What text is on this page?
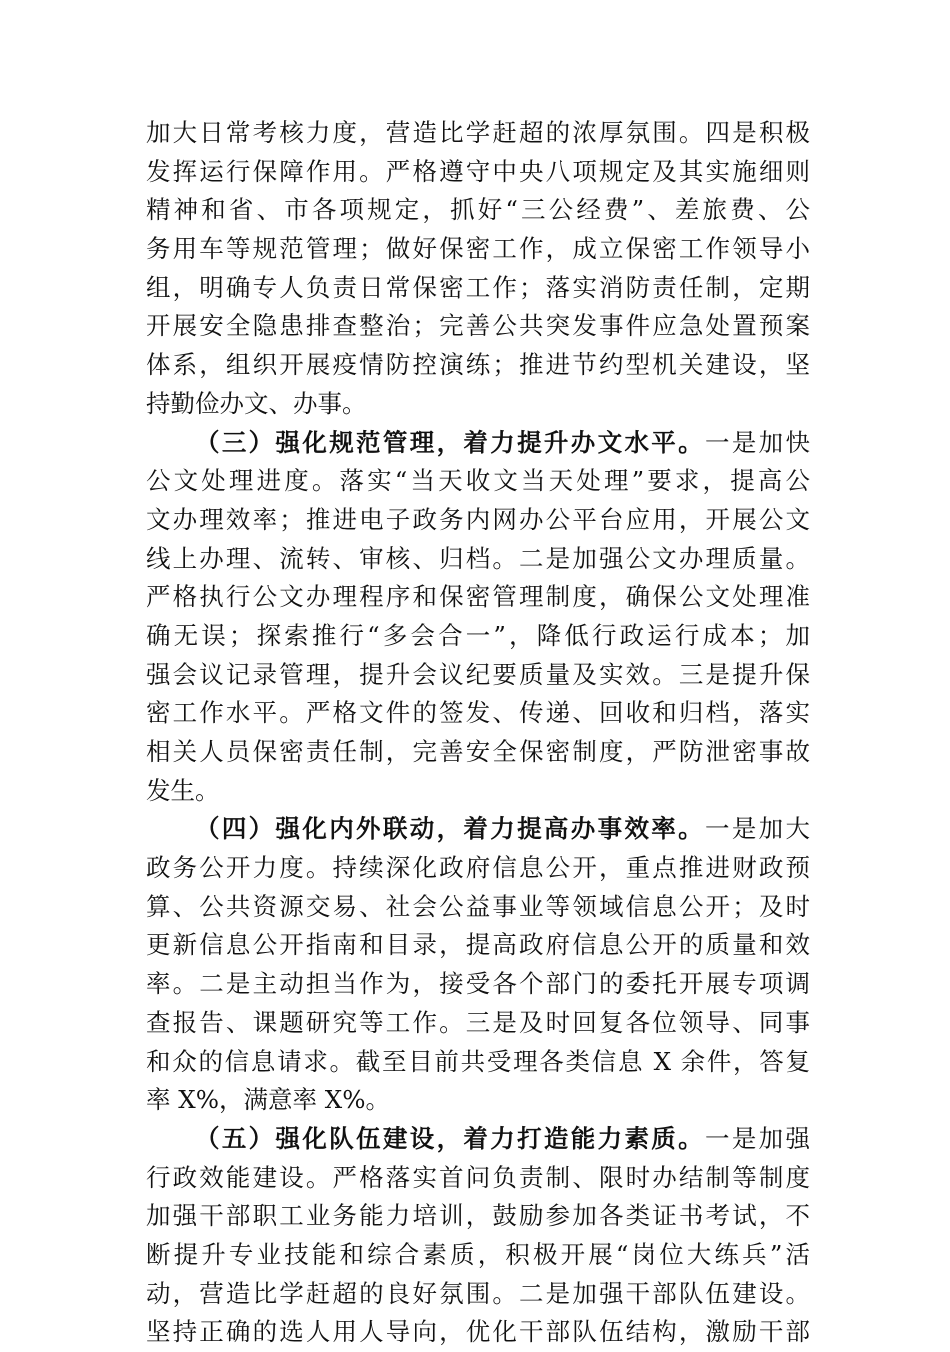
加大日常考核力度，营造比学赶超的浓厚氛围。四是积极
发挥运行保障作用。严格遵守中央八项规定及其实施细则
精神和省、市各项规定，抓好“三公经费”、差旅费、公
务用车等规范管理；做好保密工作，成立保密工作领导小
组，明确专人负责日常保密工作；落实消防责任制，定期
开展安全隐患排查整治；完善公共突发事件应急处置预案
体系，组织开展疫情防控演练；推进节约型机关建设，坚
持勤俭办文、办事。
（三）强化规范管理，着力提升办文水平。一是加快
公文处理进度。落实“当天收文当天处理”要求，提高公
文办理效率；推进电子政务内网办公平台应用，开展公文
线上办理、流转、审核、归档。二是加强公文办理质量。
严格执行公文办理程序和保密管理制度，确保公文处理准
确无误；探索推行“多会合一”，降低行政运行成本；加
强会议记录管理，提升会议纪要质量及实效。三是提升保
密工作水平。严格文件的签发、传递、回收和归档，落实
相关人员保密责任制，完善安全保密制度，严防泄密事故
发生。
（四）强化内外联动，着力提高办事效率。一是加大
政务公开力度。持续深化政府信息公开，重点推进财政预
算、公共资源交易、社会公益事业等领域信息公开；及时
更新信息公开指南和目录，提高政府信息公开的质量和效
率。二是主动担当作为，接受各个部门的委托开展专项调
查报告、课题研究等工作。三是及时回复各位领导、同事
和众的信息请求。截至目前共受理各类信息 X 余件，答复
率 X%，满意率 X%。
（五）强化队伍建设，着力打造能力素质。一是加强
行政效能建设。严格落实首问负责制、限时办结制等制度
加强干部职工业务能力培训，鼓励参加各类证书考试，不
断提升专业技能和综合素质，积极开展“岗位大练兵”活
动，营造比学赶超的良好氛围。二是加强干部队伍建设。
坚持正确的选人用人导向，优化干部队伍结构，激励干部
